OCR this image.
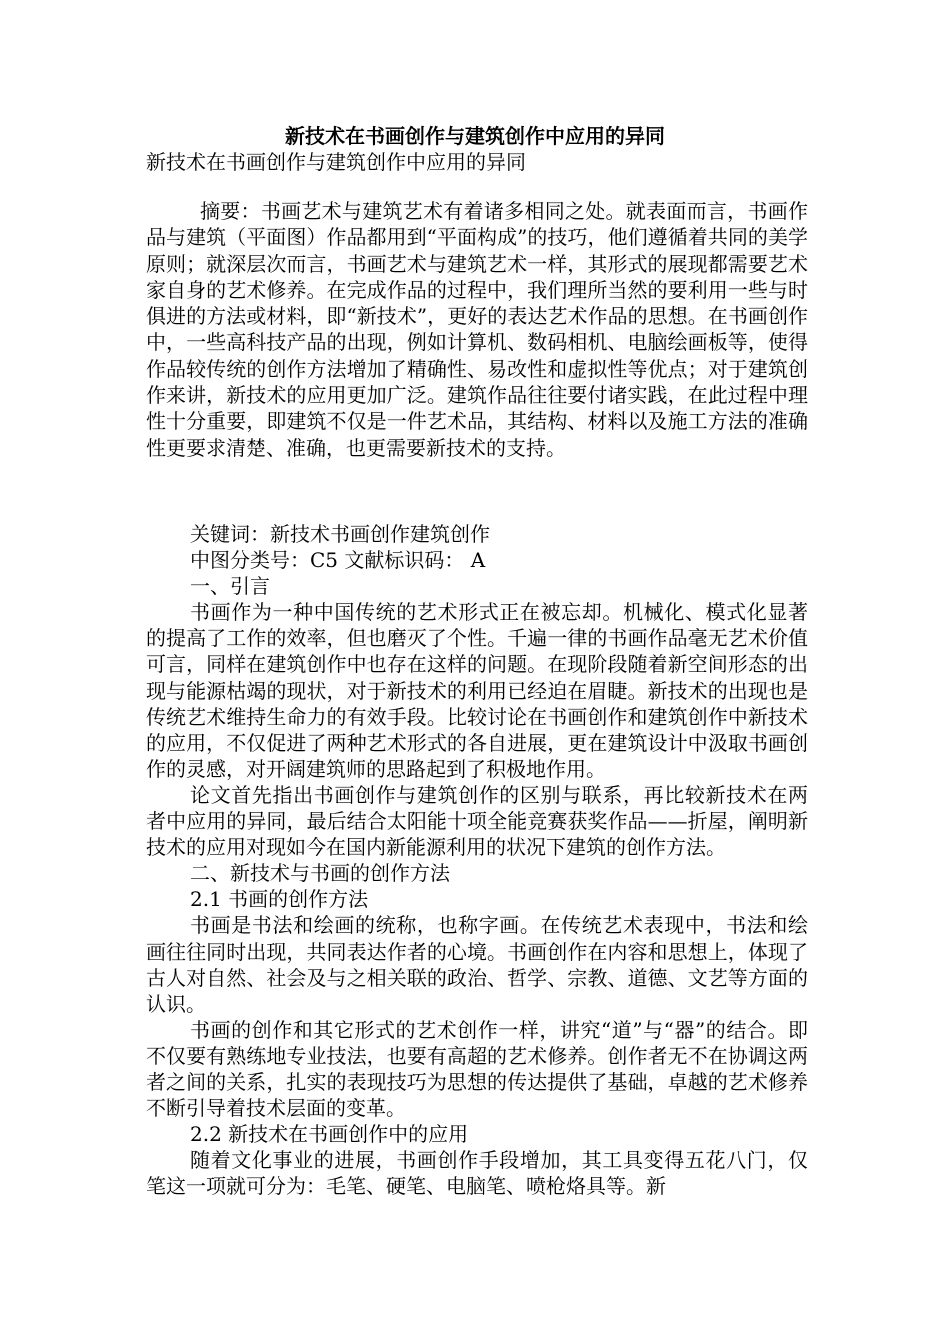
新技术在书画创作与建筑创作中应用的异同
新技术在书画创作与建筑创作中应用的异同

摘要：书画艺术与建筑艺术有着诸多相同之处。就表面而言，书画作品与建筑（平面图）作品都用到“平面构成”的技巧，他们遵循着共同的美学原则；就深层次而言，书画艺术与建筑艺术一样，其形式的展现都需要艺术家自身的艺术修养。在完成作品的过程中，我们理所当然的要利用一些与时俱进的方法或材料，即“新技术”，更好的表达艺术作品的思想。在书画创作中，一些高科技产品的出现，例如计算机、数码相机、电脑绘画板等，使得作品较传统的创作方法增加了精确性、易改性和虚拟性等优点；对于建筑创作来讲，新技术的应用更加广泛。建筑作品往往要付诸实践，在此过程中理性十分重要，即建筑不仅是一件艺术品，其结构、材料以及施工方法的准确性更要求清楚、准确，也更需要新技术的支持。

关键词：新技术书画创作建筑创作

中图分类号：C5 文献标识码： A

一、引言

书画作为一种中国传统的艺术形式正在被忘却。机械化、模式化显著的提高了工作的效率，但也磨灭了个性。千遍一律的书画作品毫无艺术价值可言，同样在建筑创作中也存在这样的问题。在现阶段随着新空间形态的出现与能源枯竭的现状，对于新技术的利用已经迫在眉睫。新技术的出现也是传统艺术维持生命力的有效手段。比较讨论在书画创作和建筑创作中新技术的应用，不仅促进了两种艺术形式的各自进展，更在建筑设计中汲取书画创作的灵感，对开阔建筑师的思路起到了积极地作用。

论文首先指出书画创作与建筑创作的区别与联系，再比较新技术在两者中应用的异同，最后结合太阳能十项全能竞赛获奖作品——折屋，阐明新技术的应用对现如今在国内新能源利用的状况下建筑的创作方法。

二、新技术与书画的创作方法

2.1 书画的创作方法

书画是书法和绘画的统称，也称字画。在传统艺术表现中，书法和绘画往往同时出现，共同表达作者的心境。书画创作在内容和思想上，体现了古人对自然、社会及与之相关联的政治、哲学、宗教、道德、文艺等方面的认识。

书画的创作和其它形式的艺术创作一样，讲究“道”与“器”的结合。即不仅要有熟练地专业技法，也要有高超的艺术修养。创作者无不在协调这两者之间的关系，扎实的表现技巧为思想的传达提供了基础，卓越的艺术修养不断引导着技术层面的变革。

2.2 新技术在书画创作中的应用

随着文化事业的进展，书画创作手段增加，其工具变得五花八门，仅笔这一项就可分为：毛笔、硬笔、电脑笔、喷枪烙具等。新
